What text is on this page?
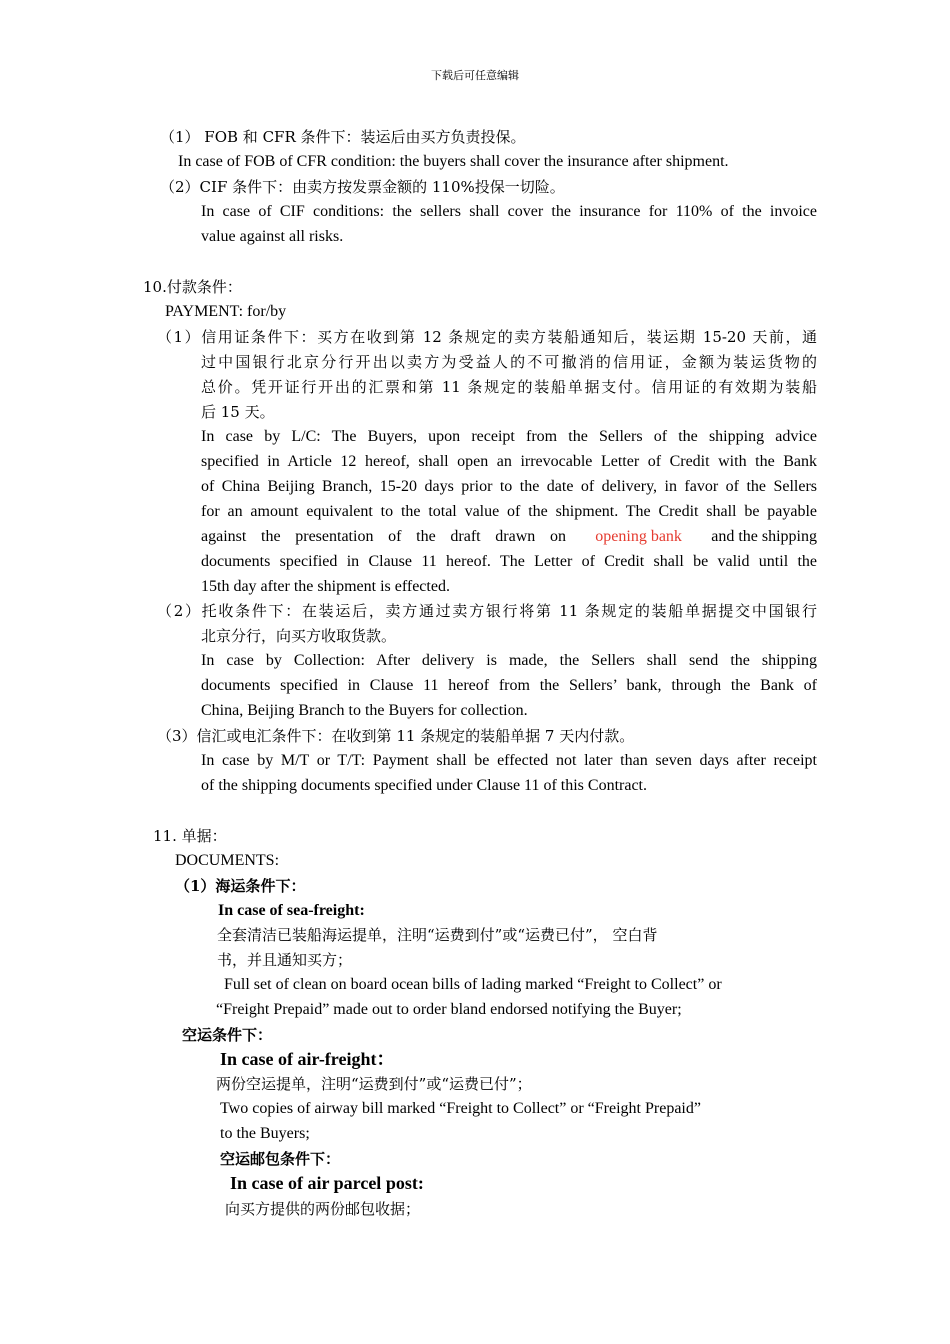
下载后可任意编辑
（1） FOB 和 CFR 条件下：装运后由买方负责投保。
In case of FOB of CFR condition: the buyers shall cover the insurance after shipment.
（2）CIF 条件下：由卖方按发票金额的 110%投保一切险。
In case of CIF conditions: the sellers shall cover the insurance for 110% of the invoice
value against all risks.
10.付款条件：
PAYMENT: for/by
（1）信用证条件下：买方在收到第 12 条规定的卖方装船通知后，装运期 15-20 天前，通
过中国银行北京分行开出以卖方为受益人的不可撤消的信用证，金额为装运货物的
总价。凭开证行开出的汇票和第 11 条规定的装船单据支付。信用证的有效期为装船
后 15 天。
In case by L/C: The Buyers, upon receipt from the Sellers of the shipping advice
specified in Article 12 hereof, shall open an irrevocable Letter of Credit with the Bank
of China Beijing Branch, 15-20 days prior to the date of delivery, in favor of the Sellers
for an amount equivalent to the total value of the shipment. The Credit shall be payable
against the presentation of the draft drawn on opening bank and the shipping
documents specified in Clause 11 hereof. The Letter of Credit shall be valid until the
15th day after the shipment is effected.
（2）托收条件下：在装运后，卖方通过卖方银行将第 11 条规定的装船单据提交中国银行
北京分行，向买方收取货款。
In case by Collection: After delivery is made, the Sellers shall send the shipping
documents specified in Clause 11 hereof from the Sellers’ bank, through the Bank of
China, Beijing Branch to the Buyers for collection.
（3）信汇或电汇条件下：在收到第 11 条规定的装船单据 7 天内付款。
In case by M/T or T/T: Payment shall be effected not later than seven days after receipt
of the shipping documents specified under Clause 11 of this Contract.
11. 单据：
DOCUMENTS:
（1）海运条件下：
In case of sea-freight:
全套清洁已装船海运提单，注明“运费到付”或“运费已付”， 空白背
书，并且通知买方；
Full set of clean on board ocean bills of lading marked “Freight to Collect” or
“Freight Prepaid” made out to order bland endorsed notifying the Buyer;
空运条件下：
In case of air-freight：
两份空运提单，注明“运费到付”或“运费已付”；
Two copies of airway bill marked “Freight to Collect” or “Freight Prepaid”
to the Buyers;
空运邮包条件下：
In case of air parcel post:
向买方提供的两份邮包收据；
